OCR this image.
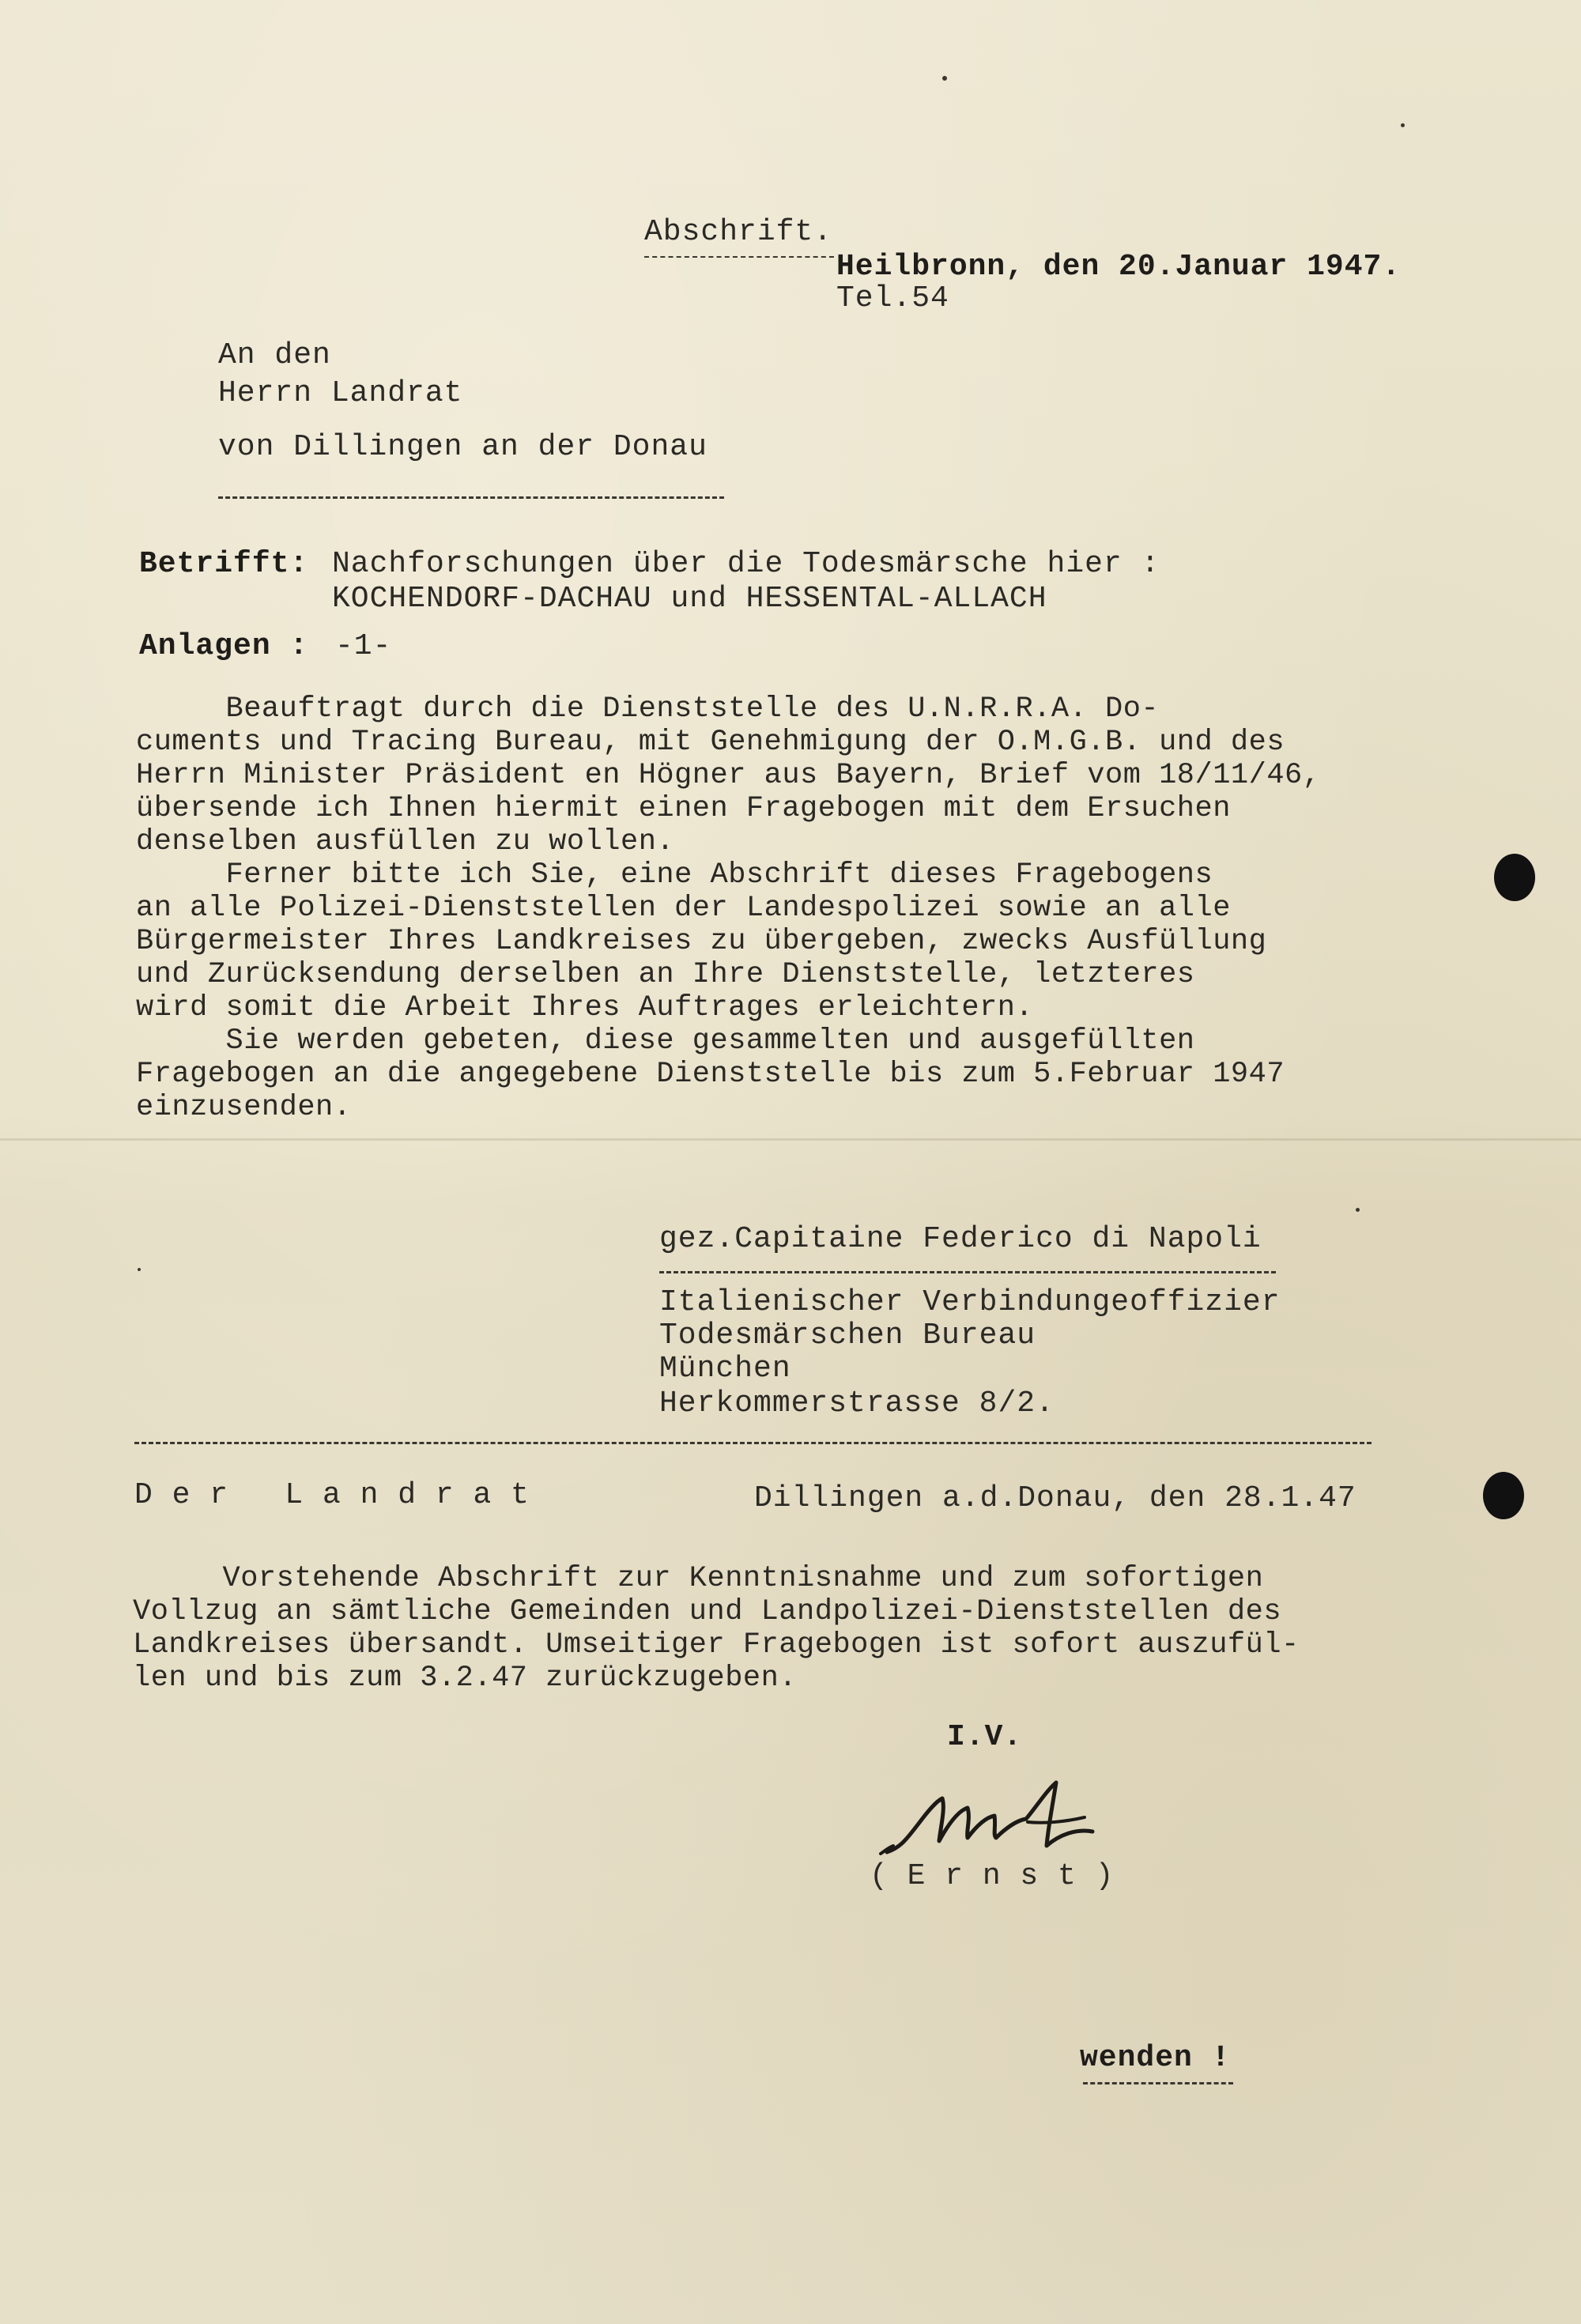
Abschrift.
Heilbronn, den 20.Januar 1947.
Tel.54
An den
Herrn Landrat
von Dillingen an der Donau
Betrifft: Nachforschungen über die Todesmärsche hier :
KOCHENDORF-DACHAU und HESSENTAL-ALLACH
Anlagen : -1-

Beauftragt durch die Dienststelle des U.N.R.R.A. Do-

cuments und Tracing Bureau, mit Genehmigung der O.M.G.B. und des

Herrn Minister Präsident en Högner aus Bayern, Brief vom 18/11/46,

übersende ich Ihnen hiermit einen Fragebogen mit dem Ersuchen

denselben ausfüllen zu wollen.

Ferner bitte ich Sie, eine Abschrift dieses Fragebogens

an alle Polizei-Dienststellen der Landespolizei sowie an alle

Bürgermeister Ihres Landkreises zu übergeben, zwecks Ausfüllung

und Zurücksendung derselben an Ihre Dienststelle, letzteres

wird somit die Arbeit Ihres Auftrages erleichtern.

Sie werden gebeten, diese gesammelten und ausgefüllten

Fragebogen an die angegebene Dienststelle bis zum 5.Februar 1947

einzusenden.

gez.Capitaine Federico di Napoli
Italienischer Verbindungeoffizier
Todesmärschen Bureau
München
Herkommerstrasse 8/2.
D e r   L a n d r a t	Dillingen a.d.Donau, den 28.1.47

Vorstehende Abschrift zur Kenntnisnahme und zum sofortigen

Vollzug an sämtliche Gemeinden und Landpolizei-Dienststellen des

Landkreises übersandt. Umseitiger Fragebogen ist sofort auszufül-

len und bis zum 3.2.47 zurückzugeben.

I.V.
( E r n s t )
wenden !
